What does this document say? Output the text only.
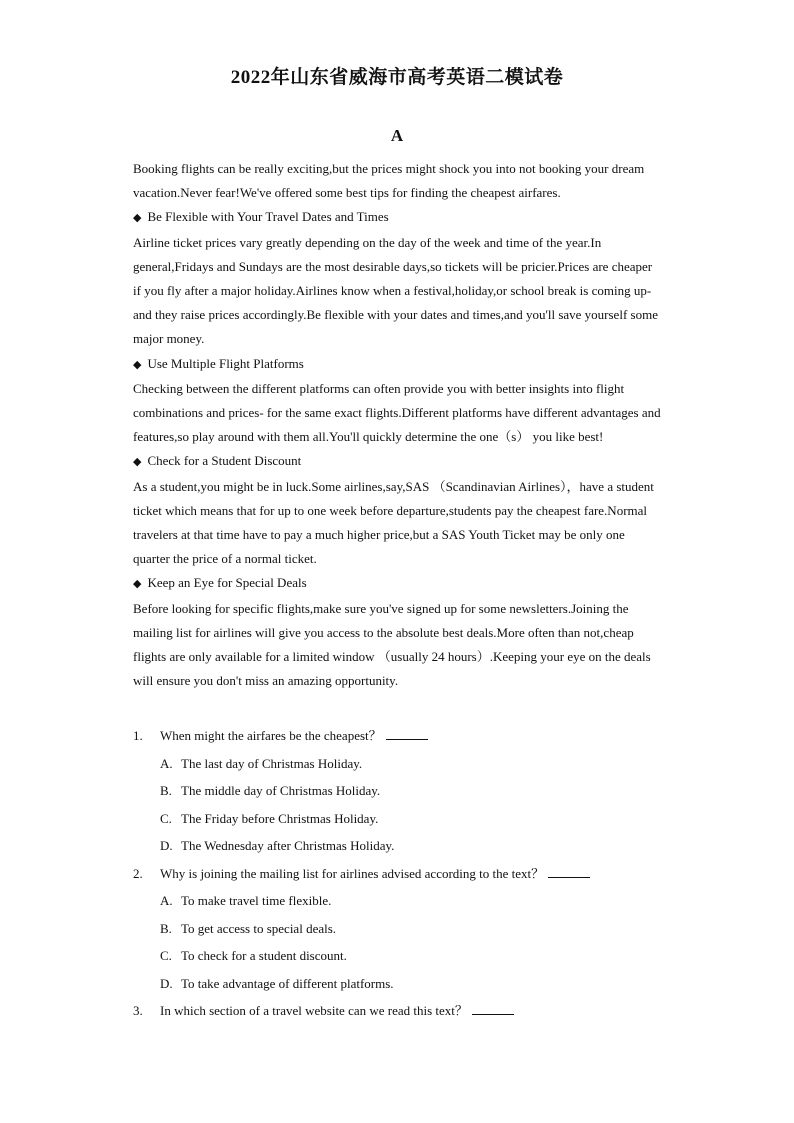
2022年山东省威海市高考英语二模试卷
A

Booking flights can be really exciting,but the prices might shock you into not booking your dream vacation.Never fear!We've offered some best tips for finding the cheapest airfares.

◆ Be Flexible with Your Travel Dates and Times

Airline ticket prices vary greatly depending on the day of the week and time of the year.In general,Fridays and Sundays are the most desirable days,so tickets will be pricier.Prices are cheaper if you fly after a major holiday.Airlines know when a festival,holiday,or school break is coming up-and they raise prices accordingly.Be flexible with your dates and times,and you'll save yourself some major money.

◆ Use Multiple Flight Platforms

Checking between the different platforms can often provide you with better insights into flight combinations and prices- for the same exact flights.Different platforms have different advantages and features,so play around with them all.You'll quickly determine the one（s） you like best!

◆ Check for a Student Discount

As a student,you might be in luck.Some airlines,say,SAS （Scandinavian Airlines），have a student ticket which means that for up to one week before departure,students pay the cheapest fare.Normal travelers at that time have to pay a much higher price,but a SAS Youth Ticket may be only one quarter the price of a normal ticket.

◆ Keep an Eye for Special Deals

Before looking for specific flights,make sure you've signed up for some newsletters.Joining the mailing list for airlines will give you access to the absolute best deals.More often than not,cheap flights are only available for a limited window （usually 24 hours）.Keeping your eye on the deals will ensure you don't miss an amazing opportunity.

1. When might the airfares be the cheapest？
A. The last day of Christmas Holiday.
B. The middle day of Christmas Holiday.
C. The Friday before Christmas Holiday.
D. The Wednesday after Christmas Holiday.
2. Why is joining the mailing list for airlines advised according to the text？
A. To make travel time flexible.
B. To get access to special deals.
C. To check for a student discount.
D. To take advantage of different platforms.
3. In which section of a travel website can we read this text？
